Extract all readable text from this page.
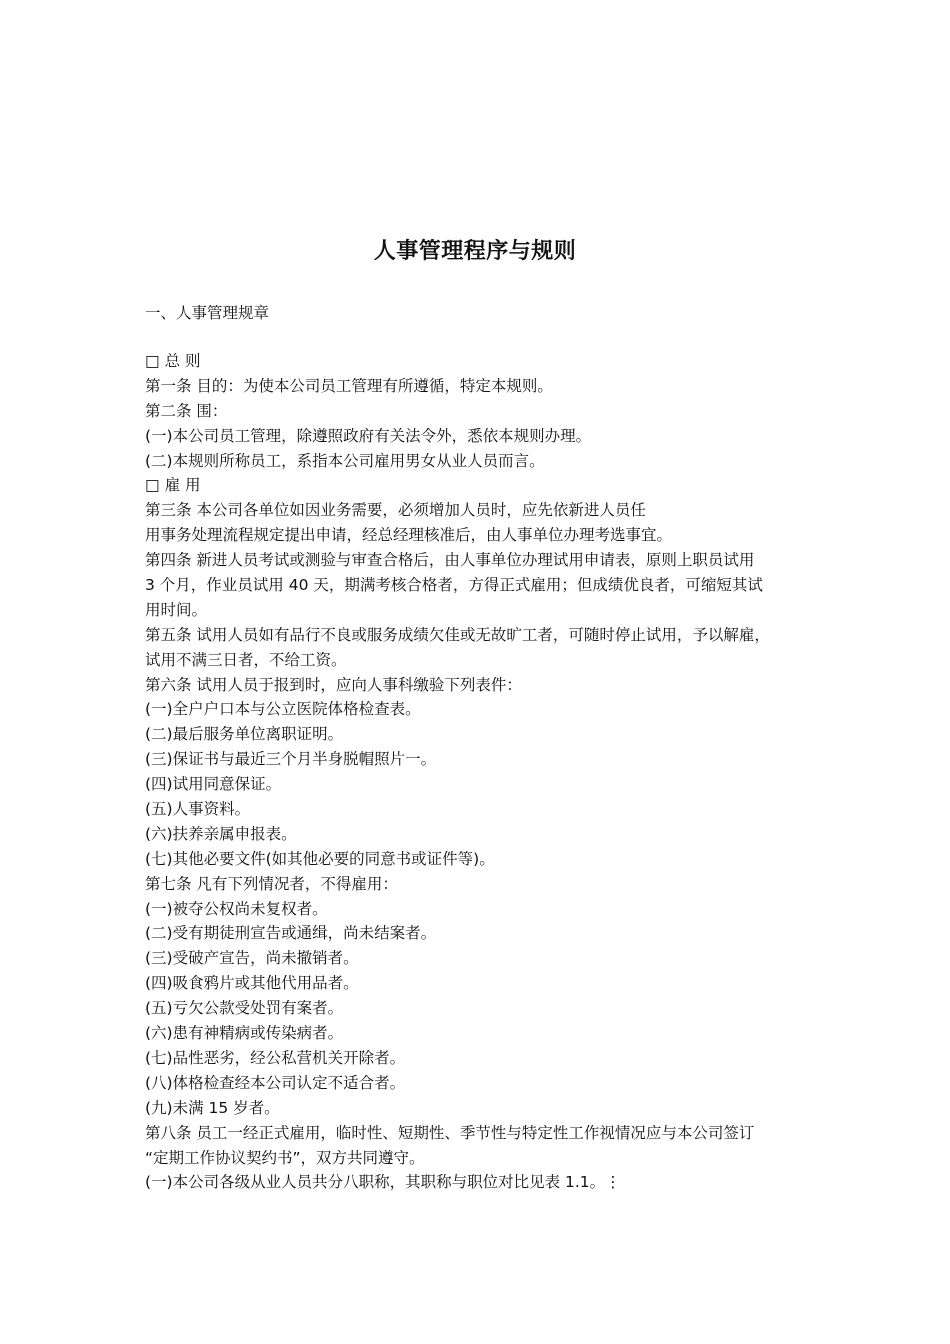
人事管理程序与规则

一、人事管理规章

□ 总 则
第一条 目的：为使本公司员工管理有所遵循，特定本规则。
第二条 围：
(一)本公司员工管理，除遵照政府有关法令外，悉依本规则办理。
(二)本规则所称员工，系指本公司雇用男女从业人员而言。
□ 雇 用
第三条 本公司各单位如因业务需要，必须增加人员时，应先依新进人员任
用事务处理流程规定提出申请，经总经理核准后，由人事单位办理考选事宜。
第四条 新进人员考试或测验与审查合格后，由人事单位办理试用申请表，原则上职员试用
3 个月，作业员试用 40 天，期满考核合格者，方得正式雇用；但成绩优良者，可缩短其试
用时间。
第五条 试用人员如有品行不良或服务成绩欠佳或无故旷工者，可随时停止试用，予以解雇，
试用不满三日者，不给工资。
第六条 试用人员于报到时，应向人事科缴验下列表件：
(一)全户户口本与公立医院体格检查表。
(二)最后服务单位离职证明。
(三)保证书与最近三个月半身脱帽照片一。
(四)试用同意保证。
(五)人事资料。
(六)扶养亲属申报表。
(七)其他必要文件(如其他必要的同意书或证件等)。
第七条 凡有下列情况者，不得雇用：
(一)被夺公权尚未复权者。
(二)受有期徒刑宣告或通缉，尚未结案者。
(三)受破产宣告，尚未撤销者。
(四)吸食鸦片或其他代用品者。
(五)亏欠公款受处罚有案者。
(六)患有神精病或传染病者。
(七)品性恶劣，经公私营机关开除者。
(八)体格检查经本公司认定不适合者。
(九)未满 15 岁者。
第八条 员工一经正式雇用，临时性、短期性、季节性与特定性工作视情况应与本公司签订
“定期工作协议契约书”，双方共同遵守。
(一)本公司各级从业人员共分八职称，其职称与职位对比见表 1.1。⋮
